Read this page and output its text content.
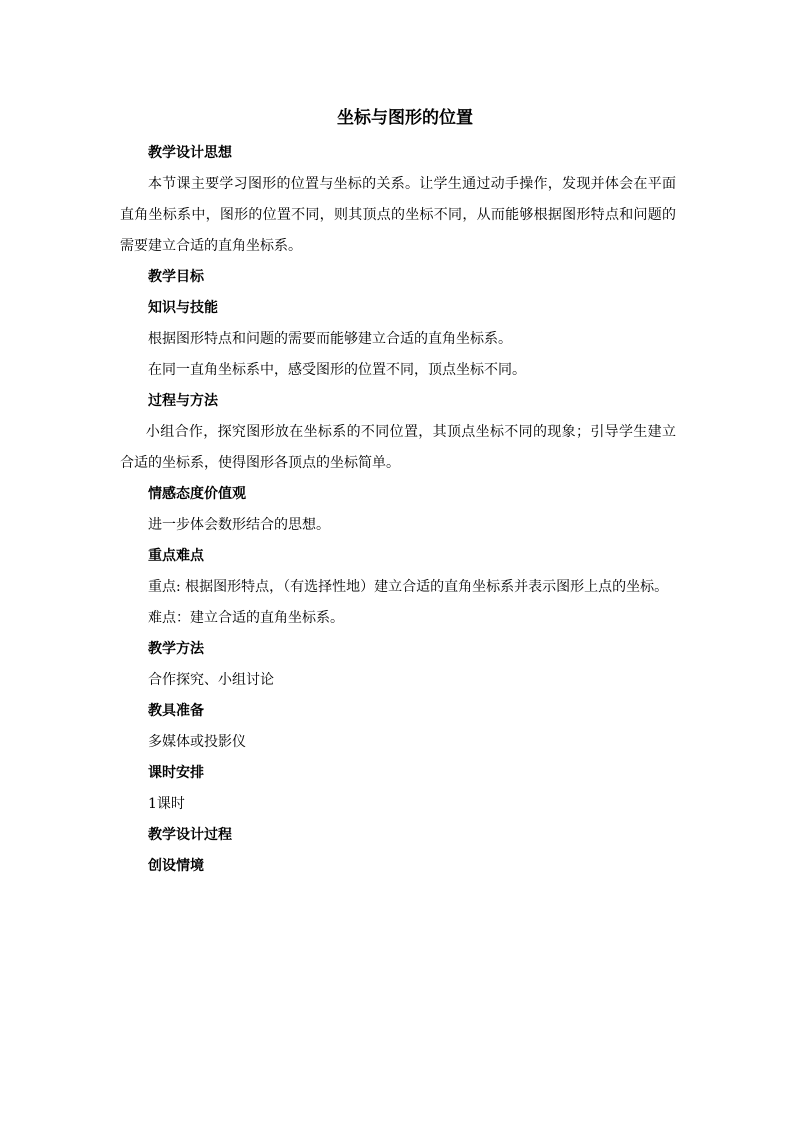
坐标与图形的位置

教学设计思想

本节课主要学习图形的位置与坐标的关系。让学生通过动手操作，发现并体会在平面直角坐标系中，图形的位置不同，则其顶点的坐标不同，从而能够根据图形特点和问题的需要建立合适的直角坐标系。

教学目标

知识与技能

根据图形特点和问题的需要而能够建立合适的直角坐标系。

在同一直角坐标系中，感受图形的位置不同，顶点坐标不同。

过程与方法

小组合作，探究图形放在坐标系的不同位置，其顶点坐标不同的现象；引导学生建立合适的坐标系，使得图形各顶点的坐标简单。

情感态度价值观

进一步体会数形结合的思想。

重点难点

重点: 根据图形特点，（有选择性地）建立合适的直角坐标系并表示图形上点的坐标。

难点：建立合适的直角坐标系。

教学方法

合作探究、小组讨论

教具准备

多媒体或投影仪

课时安排

1课时

教学设计过程

创设情境
